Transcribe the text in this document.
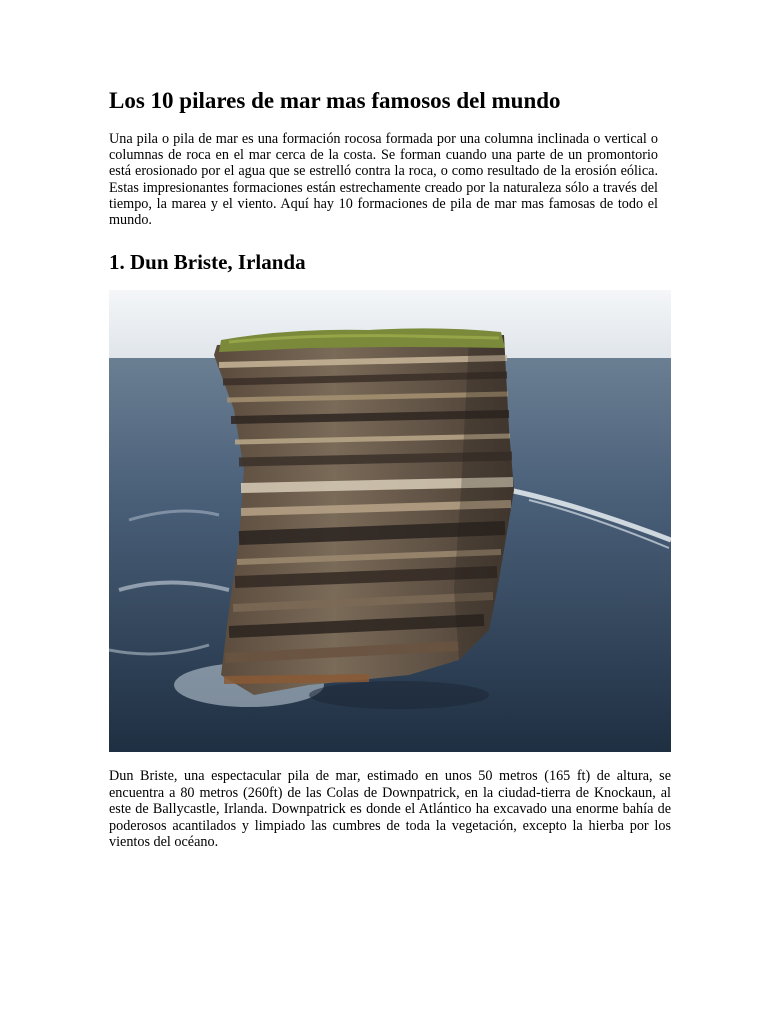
Los 10 pilares de mar mas famosos del mundo

Una pila o pila de mar es una formación rocosa formada por una columna inclinada o vertical o columnas de roca en el mar cerca de la costa. Se forman cuando una parte de un promontorio está erosionado por el agua que se estrelló contra la roca, o como resultado de la erosión eólica. Estas impresionantes formaciones están estrechamente creado por la naturaleza sólo a través del tiempo, la marea y el viento. Aquí hay 10 formaciones de pila de mar mas famosas de todo el mundo.

1. Dun Briste, Irlanda

Dun Briste, una espectacular pila de mar, estimado en unos 50 metros (165 ft) de altura, se encuentra a 80 metros (260ft) de las Colas de Downpatrick, en la ciudad-tierra de Knockaun, al este de Ballycastle, Irlanda. Downpatrick es donde el Atlántico ha excavado una enorme bahía de poderosos acantilados y limpiado las cumbres de toda la vegetación, excepto la hierba por los vientos del océano.
